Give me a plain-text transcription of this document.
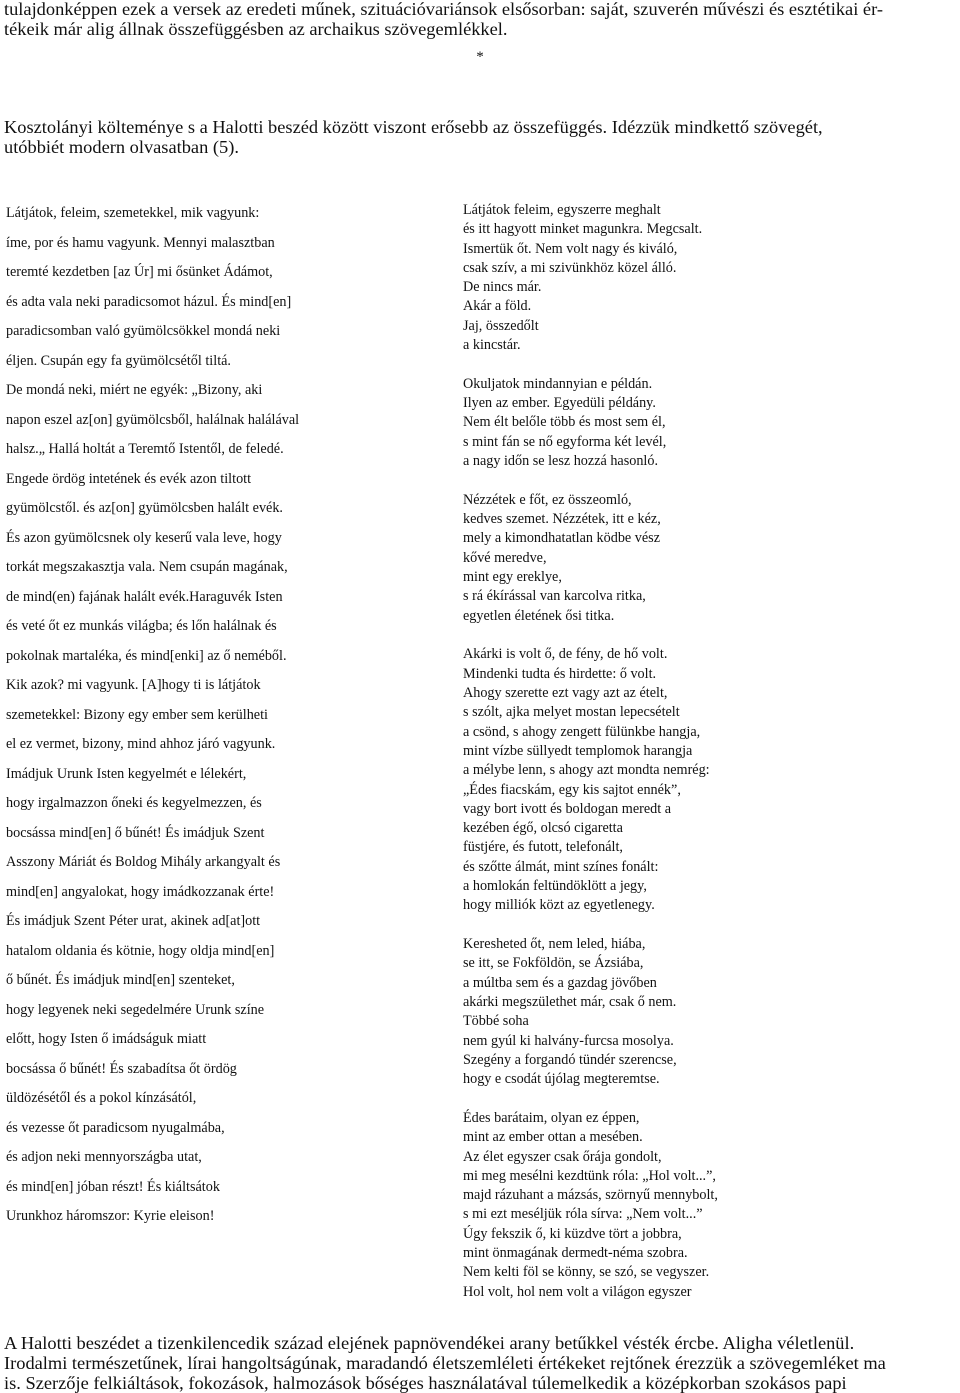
tulajdonképpen ezek a versek az eredeti műnek, szituációvariánsok elsősorban: saját, szuverén művészi és esztétikai ér-
tékeik már alig állnak összefüggésben az archaikus szövegemlékkel.
*
Kosztolányi költeménye s a Halotti beszéd között viszont erősebb az összefüggés. Idézzük mindkettő szövegét,
utóbbiét modern olvasatban (5).
Látjátok, feleim, szemetekkel, mik vagyunk:
íme, por és hamu vagyunk. Mennyi malasztban
teremté kezdetben [az Úr] mi ősünket Ádámot,
és adta vala neki paradicsomot házul. És mind[en]
paradicsomban való gyümölcsökkel mondá neki
éljen. Csupán egy fa gyümölcsétől tiltá.
De mondá neki, miért ne egyék: „Bizony, aki
napon eszel az[on] gyümölcsből, halálnak halálával
halsz.„ Hallá holtát a Teremtő Istentől, de feledé.
Engede ördög intetének és evék azon tiltott
gyümölcstől. és az[on] gyümölcsben halált evék.
És azon gyümölcsnek oly keserű vala leve, hogy
torkát megszakasztja vala. Nem csupán magának,
de mind(en) fajának halált evék.Haraguvék Isten
és veté őt ez munkás világba; és lőn halálnak és
pokolnak martaléka, és mind[enki] az ő neméből.
Kik azok? mi vagyunk. [A]hogy ti is látjátok
szemetekkel: Bizony egy ember sem kerülheti
el ez vermet, bizony, mind ahhoz járó vagyunk.
Imádjuk Urunk Isten kegyelmét e lélekért,
hogy irgalmazzon őneki és kegyelmezzen, és
bocsássa mind[en] ő bűnét! És imádjuk Szent
Asszony Máriát és Boldog Mihály arkangyalt és
mind[en] angyalokat, hogy imádkozzanak érte!
És imádjuk Szent Péter urat, akinek ad[at]ott
hatalom oldania és kötnie, hogy oldja mind[en]
ő bűnét. És imádjuk mind[en] szenteket,
hogy legyenek neki segedelmére Urunk színe
előtt, hogy Isten ő imádságuk miatt
bocsássa ő bűnét! És szabadítsa őt ördög
üldözésétől és a pokol kínzásától,
és vezesse őt paradicsom nyugalmába,
és adjon neki mennyországba utat,
és mind[en] jóban részt! És kiáltsátok
Urunkhoz háromszor: Kyrie eleison!
Látjátok feleim, egyszerre meghalt
és itt hagyott minket magunkra. Megcsalt.
Ismertük őt. Nem volt nagy és kiváló,
csak szív, a mi szivünkhöz közel álló.
De nincs már.
Akár a föld.
Jaj, összedőlt
a kincstár.
Okuljatok mindannyian e példán.
Ilyen az ember. Egyedüli példány.
Nem élt belőle több és most sem él,
s mint fán se nő egyforma két levél,
a nagy időn se lesz hozzá hasonló.
Nézzétek e főt, ez összeomló,
kedves szemet. Nézzétek, itt e kéz,
mely a kimondhatatlan ködbe vész
kővé meredve,
mint egy ereklye,
s rá ékírással van karcolva ritka,
egyetlen életének ősi titka.
Akárki is volt ő, de fény, de hő volt.
Mindenki tudta és hirdette: ő volt.
Ahogy szerette ezt vagy azt az ételt,
s szólt, ajka melyet mostan lepecsételt
a csönd, s ahogy zengett fülünkbe hangja,
mint vízbe süllyedt templomok harangja
a mélybe lenn, s ahogy azt mondta nemrég:
„Édes fiacskám, egy kis sajtot ennék”,
vagy bort ivott és boldogan meredt a
kezében égő, olcsó cigaretta
füstjére, és futott, telefonált,
és szőtte álmát, mint színes fonált:
a homlokán feltündöklött a jegy,
hogy milliók közt az egyetlenegy.
Keresheted őt, nem leled, hiába,
se itt, se Fokföldön, se Ázsiába,
a múltba sem és a gazdag jövőben
akárki megszülethet már, csak ő nem.
Többé soha
nem gyúl ki halvány-furcsa mosolya.
Szegény a forgandó tündér szerencse,
hogy e csodát újólag megteremtse.
Édes barátaim, olyan ez éppen,
mint az ember ottan a mesében.
Az élet egyszer csak őrája gondolt,
mi meg mesélni kezdtünk róla: „Hol volt...”,
majd rázuhant a mázsás, szörnyű mennybolt,
s mi ezt meséljük róla sírva: „Nem volt...”
Úgy fekszik ő, ki küzdve tört a jobbra,
mint önmagának dermedt-néma szobra.
Nem kelti föl se könny, se szó, se vegyszer.
Hol volt, hol nem volt a világon egyszer
A Halotti beszédet a tizenkilencedik század elejének papnövendékei arany betűkkel vésték ércbe. Aligha véletlenül.
Irodalmi természetűnek, lírai hangoltságúnak, maradandó életszemléleti értékeket rejtőnek érezzük a szövegemléket ma
is. Szerzője felkiáltások, fokozások, halmozások bőséges használatával túlemelkedik a középkorban szokásos papi
